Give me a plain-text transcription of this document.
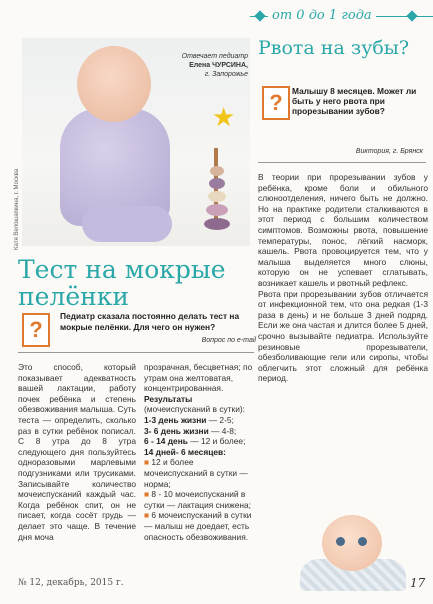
от 0 до 1 года
★
Отвечает педиатр
Елена ЧУРСИНА,
г. Запорожье
Катя Велошапкина, г. Москва
Рвота на зубы?
?	Малышу 8 месяцев. Может ли быть у него рвота при прорезывании зубов?
Виктория, г. Брянск

В теории при прорезывании зубов у ребёнка, кроме боли и обильного слюноотделения, ничего быть не должно. Но на практике родители сталкиваются в этот период с большим количеством симптомов. Возможны рвота, повышение температуры, понос, лёгкий насморк, кашель. Рвота провоцируется тем, что у малыша выделяется много слюны, которую он не успевает сглатывать, возникает кашель и рвотный рефлекс.

Рвота при прорезывании зубов отличается от инфекционной тем, что она редкая (1-3 раза в день) и не больше 3 дней подряд. Если же она частая и длится более 5 дней, срочно вызывайте педиатра. Используйте резиновые прорезыватели, обезболивающие гели или сиропы, чтобы облегчить этот сложный для ребёнка период.

Тест на мокрые пелёнки
?
Педиатр сказала постоянно делать тест на мокрые пелёнки. Для чего он нужен?
Вопрос по e-mail
Это способ, который показывает адекватность вашей лактации, работу почек ребёнка и степень обезвоживания малыша. Суть теста — определить, сколько раз в сутки ребёнок пописал. С 8 утра до 8 утра следующего дня пользуйтесь одноразовыми марлевыми подгузниками или трусиками. Записывайте количество мочеиспусканий каждый час. Когда ребёнок спит, он не писает, когда сосёт грудь — делает это чаще. В течение дня моча

прозрачная, бесцветная; по утрам она желтоватая, концентрированная.

Результаты (мочеиспусканий в сутки):

1-3 день жизни — 2-5;

3- 6 день жизни — 4-8;

6 - 14 день — 12 и более;

14 дней- 6 месяцев:

■ 12 и более мочеиспусканий в сутки — норма;

■ 8 - 10 мочеиспусканий в сутки — лактация снижена;

■ 6 мочеиспусканий в сутки — малыш не доедает, есть опасность обезвоживания.

№ 12, декабрь, 2015 г.	17
